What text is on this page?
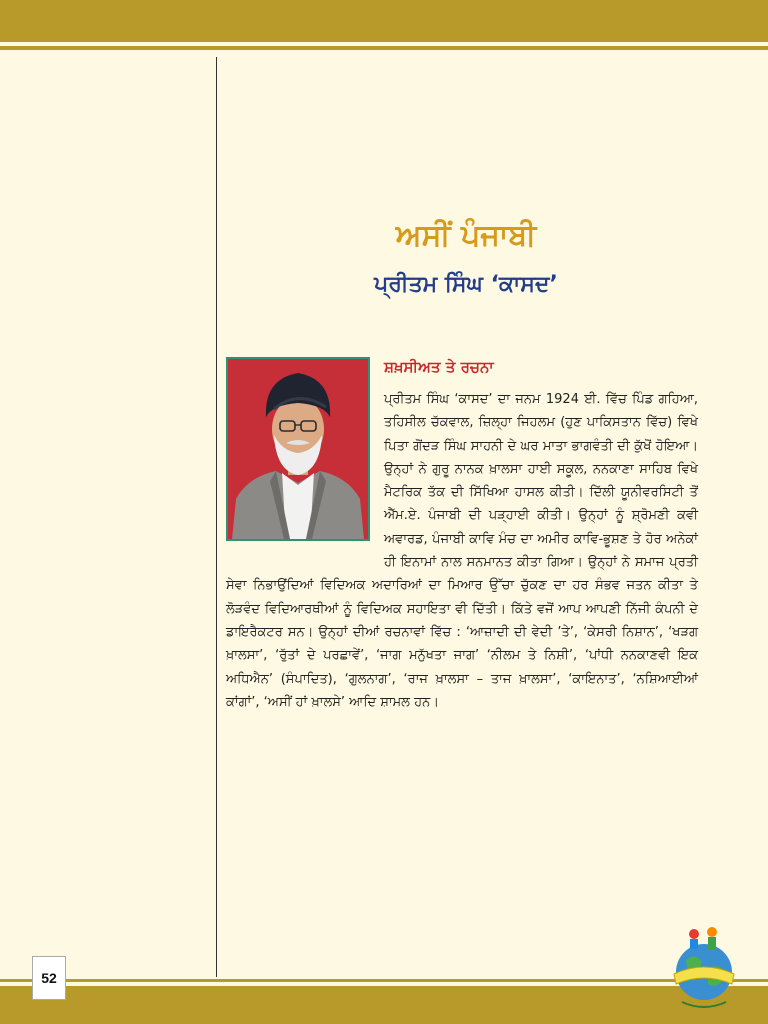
ਅਸੀਂ ਪੰਜਾਬੀ
ਪ੍ਰੀਤਮ ਸਿੰਘ ‘ਕਾਸਦ’
ਸ਼ਖ਼ਸੀਅਤ ਤੇ ਰਚਨਾ
ਪ੍ਰੀਤਮ ਸਿੰਘ ‘ਕਾਸਦ’ ਦਾ ਜਨਮ 1924 ਈ. ਵਿੱਚ ਪਿੰਡ ਗਹਿਆ, ਤਹਿਸੀਲ ਚੱਕਵਾਲ, ਜ਼ਿਲ੍ਹਾ ਜਿਹਲਮ (ਹੁਣ ਪਾਕਿਸਤਾਨ ਵਿੱਚ) ਵਿਖੇ ਪਿਤਾ ਗੋਂਦੜ ਸਿੰਘ ਸਾਹਨੀ ਦੇ ਘਰ ਮਾਤਾ ਭਾਗਵੰਤੀ ਦੀ ਕੁੱਖੋਂ ਹੋਇਆ। ਉਨ੍ਹਾਂ ਨੇ ਗੁਰੂ ਨਾਨਕ ਖ਼ਾਲਸਾ ਹਾਈ ਸਕੂਲ, ਨਨਕਾਣਾ ਸਾਹਿਬ ਵਿਖੇ ਮੈਟਰਿਕ ਤੱਕ ਦੀ ਸਿੱਖਿਆ ਹਾਸਲ ਕੀਤੀ। ਦਿੱਲੀ ਯੂਨੀਵਰਸਿਟੀ ਤੋਂ ਐੱਮ.ਏ. ਪੰਜਾਬੀ ਦੀ ਪੜ੍ਹਾਈ ਕੀਤੀ। ਉਨ੍ਹਾਂ ਨੂੰ ਸ਼੍ਰੋਮਣੀ ਕਵੀ ਅਵਾਰਡ, ਪੰਜਾਬੀ ਕਾਵਿ ਮੰਚ ਦਾ ਅਮੀਰ ਕਾਵਿ-ਭੂਸ਼ਣ ਤੇ ਹੋਰ ਅਨੇਕਾਂ ਹੀ ਇਨਾਮਾਂ ਨਾਲ ਸਨਮਾਨਤ ਕੀਤਾ ਗਿਆ। ਉਨ੍ਹਾਂ ਨੇ ਸਮਾਜ ਪ੍ਰਤੀ ਸੇਵਾ ਨਿਭਾਉਂਦਿਆਂ ਵਿਦਿਅਕ ਅਦਾਰਿਆਂ ਦਾ ਮਿਆਰ ਉੱਚਾ ਚੁੱਕਣ ਦਾ ਹਰ ਸੰਭਵ ਜਤਨ ਕੀਤਾ ਤੇ ਲੋੜਵੰਦ ਵਿਦਿਆਰਥੀਆਂ ਨੂੰ ਵਿਦਿਅਕ ਸਹਾਇਤਾ ਵੀ ਦਿੱਤੀ। ਕਿੱਤੇ ਵਜੋਂ ਆਪ ਆਪਣੀ ਨਿੱਜੀ ਕੰਪਨੀ ਦੇ ਡਾਇਰੈਕਟਰ ਸਨ। ਉਨ੍ਹਾਂ ਦੀਆਂ ਰਚਨਾਵਾਂ ਵਿੱਚ : ‘ਆਜ਼ਾਦੀ ਦੀ ਵੇਦੀ ’ਤੇ’, ‘ਕੇਸਰੀ ਨਿਸ਼ਾਨ’, ‘ਖੜਗ ਖ਼ਾਲਸਾ’, ‘ਰੁੱਤਾਂ ਦੇ ਪਰਛਾਵੇਂ’, ‘ਜਾਗ ਮਨੁੱਖਤਾ ਜਾਗ’ ‘ਨੀਲਮ ਤੇ ਨਿਸ਼ੀ’, ‘ਪਾਂਧੀ ਨਨਕਾਣਵੀ ਇਕ ਅਧਿਐਨ’ (ਸੰਪਾਦਿਤ), ‘ਗੁਲਨਾਗ’, ‘ਰਾਜ ਖ਼ਾਲਸਾ – ਤਾਜ ਖ਼ਾਲਸਾ’, ‘ਕਾਇਨਾਤ’, ‘ਨਸ਼ਿਆਈਆਂ ਕਾਂਗਾਂ’, ‘ਅਸੀਂ ਹਾਂ ਖ਼ਾਲਸੇ’ ਆਦਿ ਸ਼ਾਮਲ ਹਨ।
52
